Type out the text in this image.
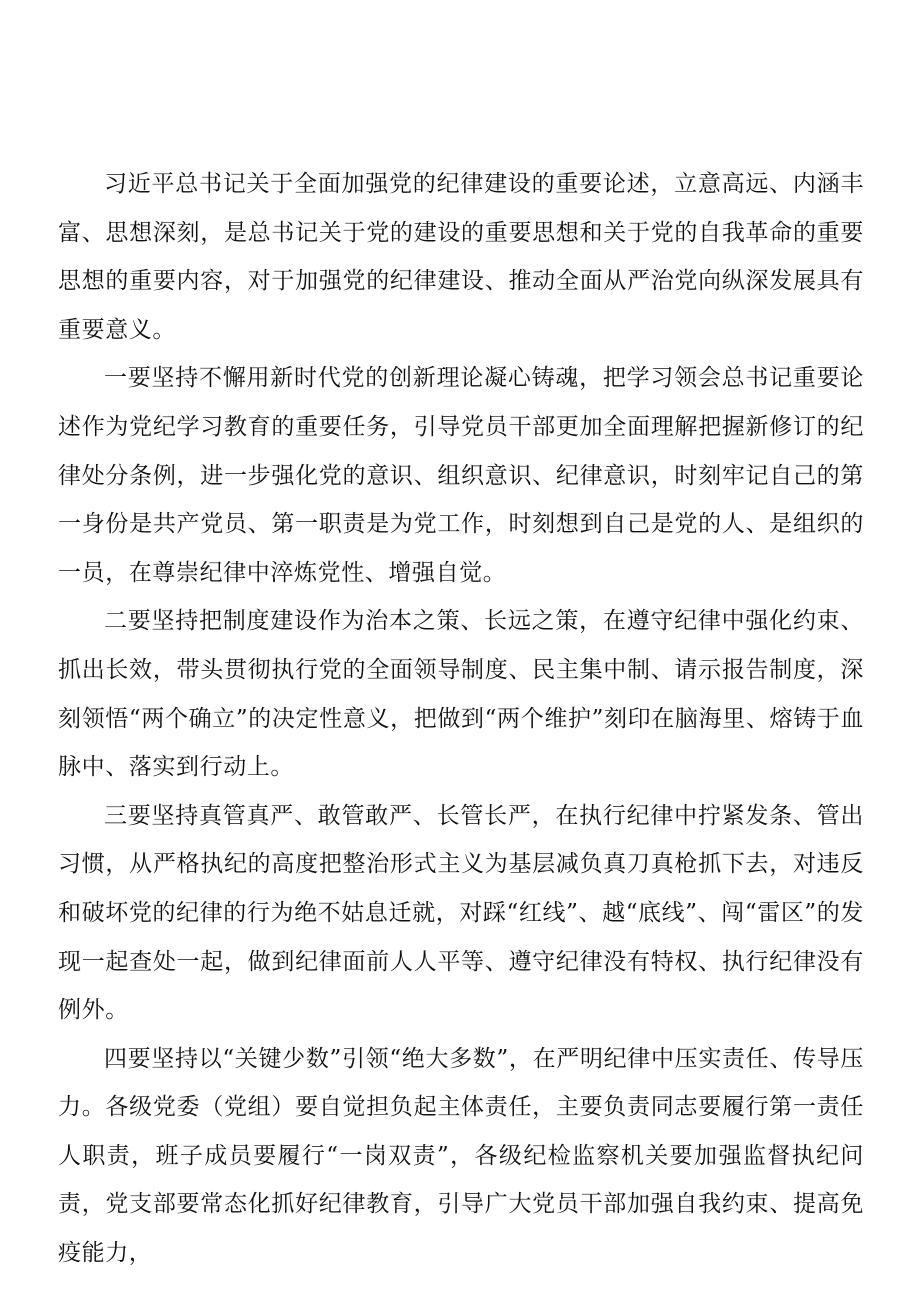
习近平总书记关于全面加强党的纪律建设的重要论述，立意高远、内涵丰富、思想深刻，是总书记关于党的建设的重要思想和关于党的自我革命的重要思想的重要内容，对于加强党的纪律建设、推动全面从严治党向纵深发展具有重要意义。

一要坚持不懈用新时代党的创新理论凝心铸魂，把学习领会总书记重要论述作为党纪学习教育的重要任务，引导党员干部更加全面理解把握新修订的纪律处分条例，进一步强化党的意识、组织意识、纪律意识，时刻牢记自己的第一身份是共产党员、第一职责是为党工作，时刻想到自己是党的人、是组织的一员，在尊崇纪律中淬炼党性、增强自觉。

二要坚持把制度建设作为治本之策、长远之策，在遵守纪律中强化约束、抓出长效，带头贯彻执行党的全面领导制度、民主集中制、请示报告制度，深刻领悟“两个确立”的决定性意义，把做到“两个维护”刻印在脑海里、熔铸于血脉中、落实到行动上。

三要坚持真管真严、敢管敢严、长管长严，在执行纪律中拧紧发条、管出习惯，从严格执纪的高度把整治形式主义为基层减负真刀真枪抓下去，对违反和破坏党的纪律的行为绝不姑息迁就，对踩“红线”、越“底线”、闯“雷区”的发现一起查处一起，做到纪律面前人人平等、遵守纪律没有特权、执行纪律没有例外。

四要坚持以“关键少数”引领“绝大多数”，在严明纪律中压实责任、传导压力。各级党委（党组）要自觉担负起主体责任，主要负责同志要履行第一责任人职责，班子成员要履行“一岗双责”，各级纪检监察机关要加强监督执纪问责，党支部要常态化抓好纪律教育，引导广大党员干部加强自我约束、提高免疫能力，
